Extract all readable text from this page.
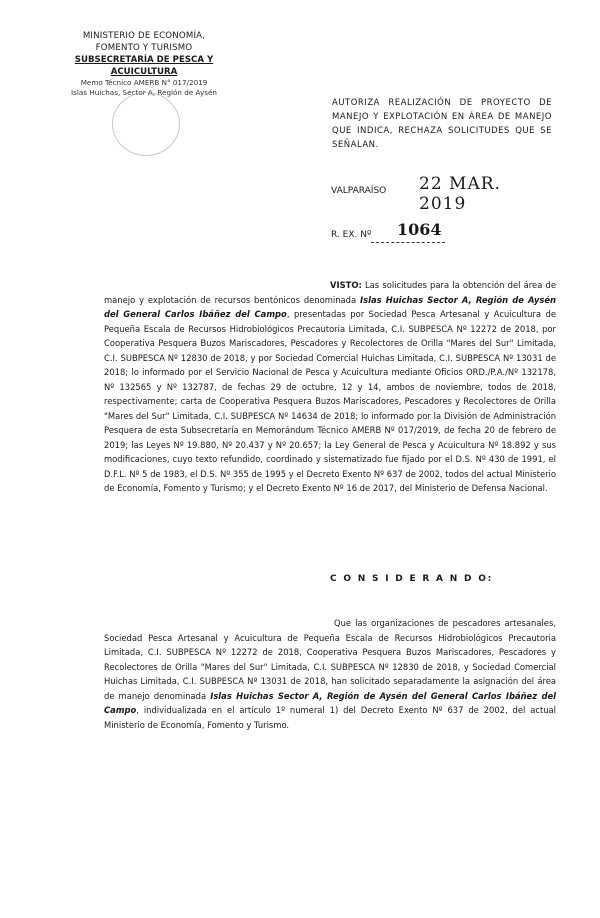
MINISTERIO DE ECONOMÍA,
FOMENTO Y TURISMO
SUBSECRETARÍA DE PESCA Y ACUICULTURA
Memo Técnico AMERB N° 017/2019
Islas Huichas, Sector A, Región de Aysén
AUTORIZA REALIZACIÓN DE PROYECTO DE MANEJO Y EXPLOTACIÓN EN ÁREA DE MANEJO QUE INDICA, RECHAZA SOLICITUDES QUE SE SEÑALAN.
VALPARAÍSO 22 MAR. 2019
R. EX. Nº 1064
VISTO: Las solicitudes para la obtención del área de manejo y explotación de recursos bentónicos denominada Islas Huichas Sector A, Región de Aysén del General Carlos Ibáñez del Campo, presentadas por Sociedad Pesca Artesanal y Acuicultura de Pequeña Escala de Recursos Hidrobiológicos Precautoria Limitada, C.I. SUBPESCA Nº 12272 de 2018, por Cooperativa Pesquera Buzos Mariscadores, Pescadores y Recolectores de Orilla "Mares del Sur" Limitada, C.I. SUBPESCA Nº 12830 de 2018, y por Sociedad Comercial Huichas Limitada, C.I. SUBPESCA Nº 13031 de 2018; lo informado por el Servicio Nacional de Pesca y Acuicultura mediante Oficios ORD./P.A./Nº 132178, Nº 132565 y Nº 132787, de fechas 29 de octubre, 12 y 14, ambos de noviembre, todos de 2018, respectivamente; carta de Cooperativa Pesquera Buzos Mariscadores, Pescadores y Recolectores de Orilla "Mares del Sur" Limitada, C.I. SUBPESCA Nº 14634 de 2018; lo informado por la División de Administración Pesquera de esta Subsecretaría en Memorándum Técnico AMERB Nº 017/2019, de fecha 20 de febrero de 2019; las Leyes Nº 19.880, Nº 20.437 y Nº 20.657; la Ley General de Pesca y Acuicultura Nº 18.892 y sus modificaciones, cuyo texto refundido, coordinado y sistematizado fue fijado por el D.S. Nº 430 de 1991, el D.F.L. Nº 5 de 1983, el D.S. Nº 355 de 1995 y el Decreto Exento Nº 637 de 2002, todos del actual Ministerio de Economía, Fomento y Turismo; y el Decreto Exento Nº 16 de 2017, del Ministerio de Defensa Nacional.
C O N S I D E R A N D O:
Que las organizaciones de pescadores artesanales, Sociedad Pesca Artesanal y Acuicultura de Pequeña Escala de Recursos Hidrobiológicos Precautoria Limitada, C.I. SUBPESCA Nº 12272 de 2018, Cooperativa Pesquera Buzos Mariscadores, Pescadores y Recolectores de Orilla "Mares del Sur" Limitada, C.I. SUBPESCA Nº 12830 de 2018, y Sociedad Comercial Huichas Limitada, C.I. SUBPESCA Nº 13031 de 2018, han solicitado separadamente la asignación del área de manejo denominada Islas Huichas Sector A, Región de Aysén del General Carlos Ibáñez del Campo, individualizada en el artículo 1º numeral 1) del Decreto Exento Nº 637 de 2002, del actual Ministerio de Economía, Fomento y Turismo.
